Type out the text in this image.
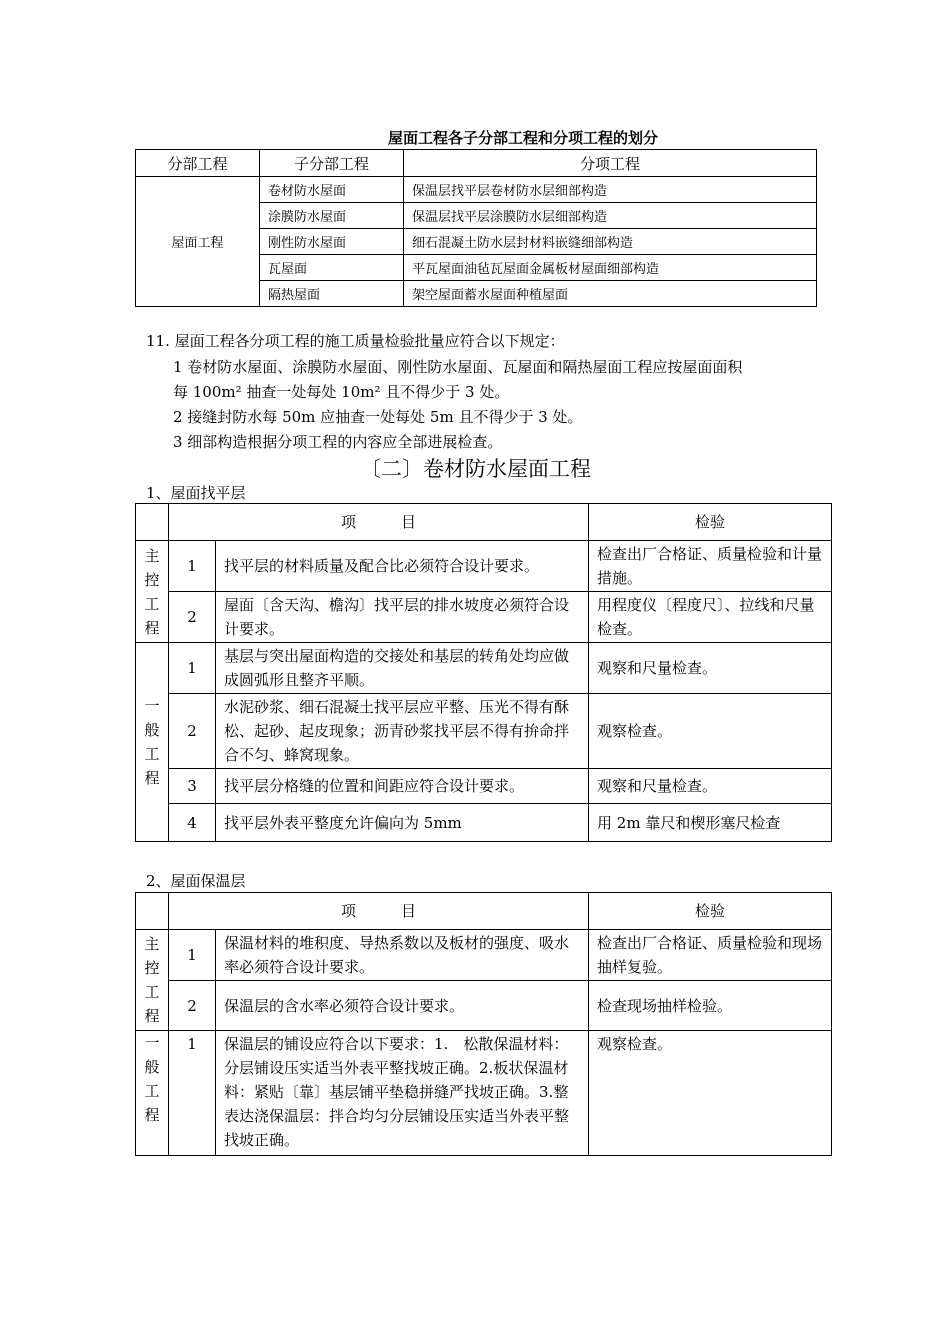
屋面工程各子分部工程和分项工程的划分
分部工程	子分部工程	分项工程
屋面工程	卷材防水屋面	保温层找平层卷材防水层细部构造
	涂膜防水屋面	保温层找平层涂膜防水层细部构造
	刚性防水屋面	细石混凝土防水层封材料嵌缝细部构造
	瓦屋面	平瓦屋面油毡瓦屋面金属板材屋面细部构造
	隔热屋面	架空屋面蓄水屋面种植屋面
11. 屋面工程各分项工程的施工质量检验批量应符合以下规定：
1 卷材防水屋面、涂膜防水屋面、刚性防水屋面、瓦屋面和隔热屋面工程应按屋面面积
每 100m² 抽查一处每处 10m² 且不得少于 3 处。
2 接缝封防水每 50m 应抽查一处每处 5m 且不得少于 3 处。
3 细部构造根据分项工程的内容应全部进展检查。
〔二〕卷材防水屋面工程
1、屋面找平层
	项　　　目		检验

主
控
工
程	1	找平层的材料质量及配合比必须符合设计要求。	检查出厂合格证、质量检验和计量措施。
	2	屋面〔含天沟、檐沟〕找平层的排水坡度必须符合设计要求。	用程度仪〔程度尺〕、拉线和尺量检查。

一
般
工
程	1	基层与突出屋面构造的交接处和基层的转角处均应做成圆弧形且整齐平顺。	观察和尺量检查。
	2	水泥砂浆、细石混凝土找平层应平整、压光不得有酥松、起砂、起皮现象；沥青砂浆找平层不得有拚命拌合不匀、蜂窝现象。	观察检查。
	3	找平层分格缝的位置和间距应符合设计要求。	观察和尺量检查。
	4	找平层外表平整度允许偏向为 5mm	用 2m 靠尺和楔形塞尺检查
2、屋面保温层
	项　　　目		检验

主
控
工
程	1	保温材料的堆积度、导热系数以及板材的强度、吸水率必须符合设计要求。	检查出厂合格证、质量检验和现场抽样复验。
	2	保温层的含水率必须符合设计要求。	检查现场抽样检验。

一
般
工
程	1	保温层的铺设应符合以下要求：1.　松散保温材料：分层铺设压实适当外表平整找坡正确。2.板状保温材料：紧贴〔靠〕基层铺平垫稳拼缝严找坡正确。3.整表达浇保温层：拌合均匀分层铺设压实适当外表平整找坡正确。	观察检查。
